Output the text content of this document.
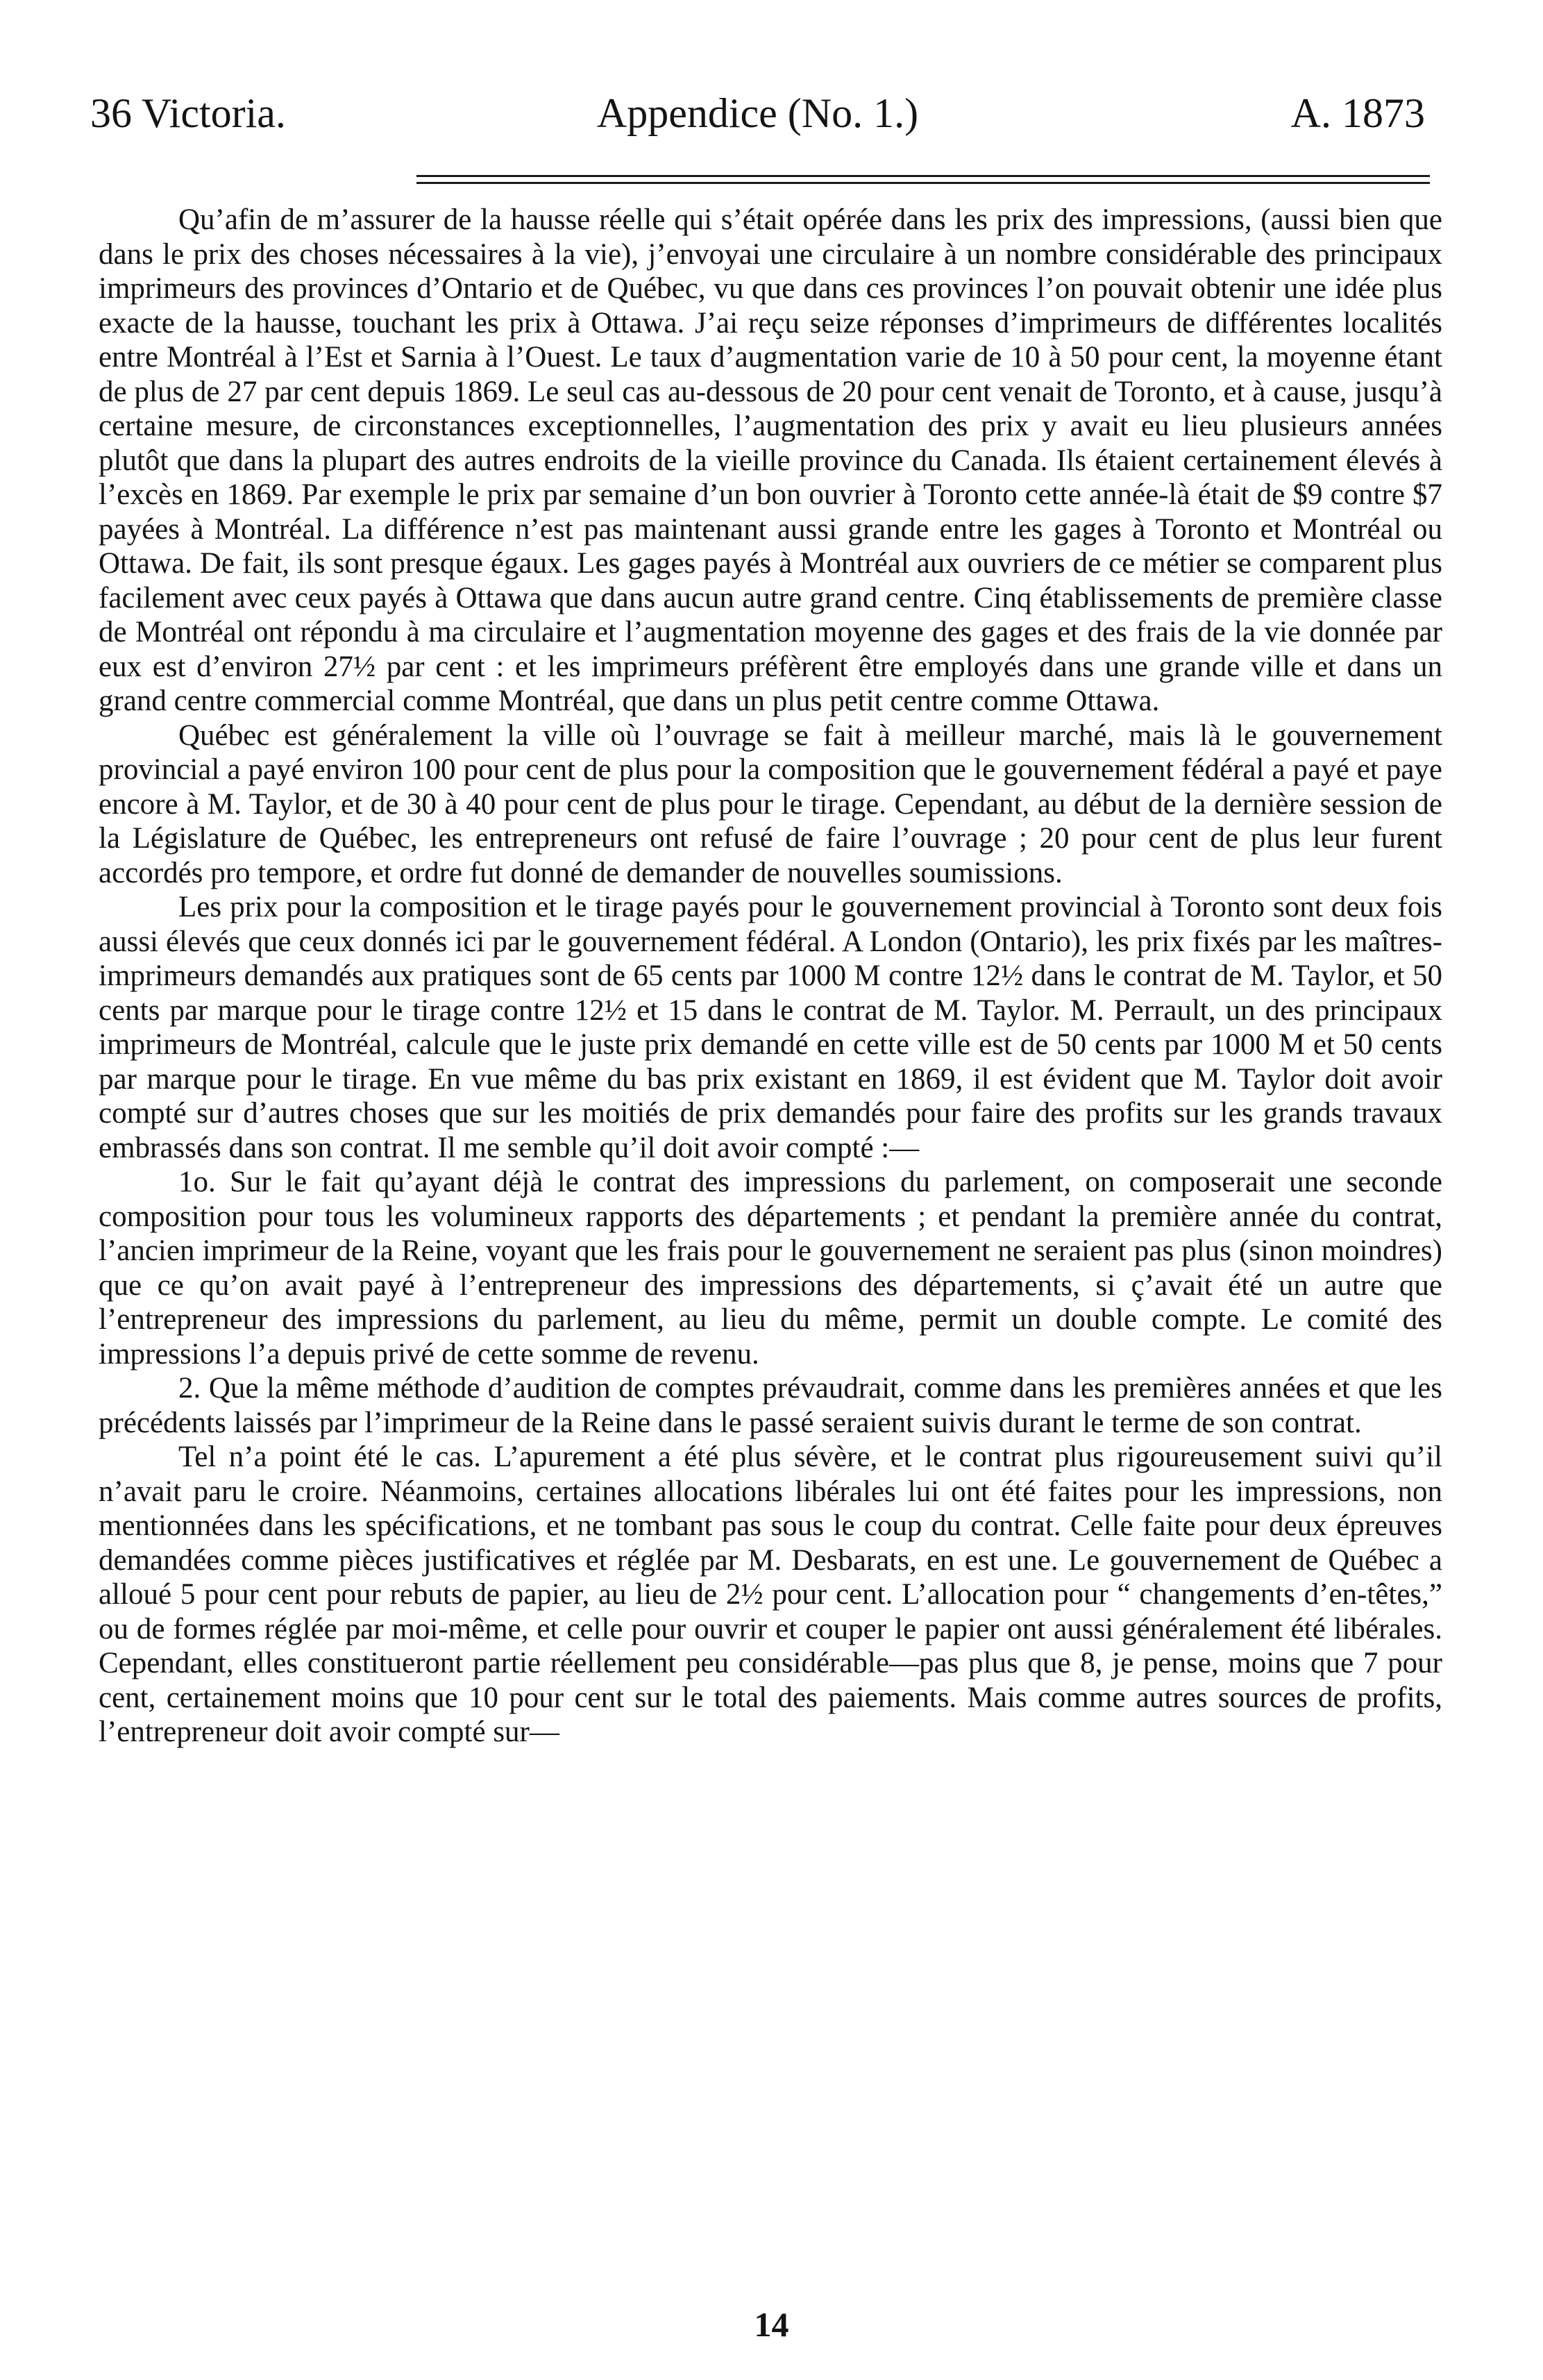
36 Victoria.	Appendice (No. 1.)	A. 1873

Qu’afin de m’assurer de la hausse réelle qui s’était opérée dans les prix des impressions, (aussi bien que dans le prix des choses nécessaires à la vie), j’envoyai une circulaire à un nombre considérable des principaux imprimeurs des provinces d’Ontario et de Québec, vu que dans ces provinces l’on pouvait obtenir une idée plus exacte de la hausse, touchant les prix à Ottawa. J’ai reçu seize réponses d’imprimeurs de différentes localités entre Montréal à l’Est et Sarnia à l’Ouest. Le taux d’augmentation varie de 10 à 50 pour cent, la moyenne étant de plus de 27 par cent depuis 1869. Le seul cas au-dessous de 20 pour cent venait de Toronto, et à cause, jusqu’à certaine mesure, de circonstances exceptionnelles, l’augmentation des prix y avait eu lieu plusieurs années plutôt que dans la plupart des autres endroits de la vieille province du Canada. Ils étaient certainement élevés à l’excès en 1869. Par exemple le prix par semaine d’un bon ouvrier à Toronto cette année-là était de $9 contre $7 payées à Montréal. La différence n’est pas maintenant aussi grande entre les gages à Toronto et Montréal ou Ottawa. De fait, ils sont presque égaux. Les gages payés à Montréal aux ouvriers de ce métier se comparent plus facilement avec ceux payés à Ottawa que dans aucun autre grand centre. Cinq établissements de première classe de Montréal ont répondu à ma circulaire et l’augmentation moyenne des gages et des frais de la vie donnée par eux est d’environ 27½ par cent : et les imprimeurs préfèrent être employés dans une grande ville et dans un grand centre commercial comme Montréal, que dans un plus petit centre comme Ottawa.

Québec est généralement la ville où l’ouvrage se fait à meilleur marché, mais là le gouvernement provincial a payé environ 100 pour cent de plus pour la composition que le gouvernement fédéral a payé et paye encore à M. Taylor, et de 30 à 40 pour cent de plus pour le tirage. Cependant, au début de la dernière session de la Législature de Québec, les entrepreneurs ont refusé de faire l’ouvrage ; 20 pour cent de plus leur furent accordés pro tempore, et ordre fut donné de demander de nouvelles soumissions.

Les prix pour la composition et le tirage payés pour le gouvernement provincial à Toronto sont deux fois aussi élevés que ceux donnés ici par le gouvernement fédéral. A London (Ontario), les prix fixés par les maîtres-imprimeurs demandés aux pratiques sont de 65 cents par 1000 M contre 12½ dans le contrat de M. Taylor, et 50 cents par marque pour le tirage contre 12½ et 15 dans le contrat de M. Taylor. M. Perrault, un des principaux imprimeurs de Montréal, calcule que le juste prix demandé en cette ville est de 50 cents par 1000 M et 50 cents par marque pour le tirage. En vue même du bas prix existant en 1869, il est évident que M. Taylor doit avoir compté sur d’autres choses que sur les moitiés de prix demandés pour faire des profits sur les grands travaux embrassés dans son contrat. Il me semble qu’il doit avoir compté :—

1o. Sur le fait qu’ayant déjà le contrat des impressions du parlement, on composerait une seconde composition pour tous les volumineux rapports des départements ; et pendant la première année du contrat, l’ancien imprimeur de la Reine, voyant que les frais pour le gouvernement ne seraient pas plus (sinon moindres) que ce qu’on avait payé à l’entrepreneur des impressions des départements, si ç’avait été un autre que l’entrepreneur des impressions du parlement, au lieu du même, permit un double compte. Le comité des impressions l’a depuis privé de cette somme de revenu.

2. Que la même méthode d’audition de comptes prévaudrait, comme dans les premières années et que les précédents laissés par l’imprimeur de la Reine dans le passé seraient suivis durant le terme de son contrat.

Tel n’a point été le cas. L’apurement a été plus sévère, et le contrat plus rigoureusement suivi qu’il n’avait paru le croire. Néanmoins, certaines allocations libérales lui ont été faites pour les impressions, non mentionnées dans les spécifications, et ne tombant pas sous le coup du contrat. Celle faite pour deux épreuves demandées comme pièces justificatives et réglée par M. Desbarats, en est une. Le gouvernement de Québec a alloué 5 pour cent pour rebuts de papier, au lieu de 2½ pour cent. L’allocation pour “ changements d’en-têtes,” ou de formes réglée par moi-même, et celle pour ouvrir et couper le papier ont aussi généralement été libérales. Cependant, elles constitueront partie réellement peu considérable—pas plus que 8, je pense, moins que 7 pour cent, certainement moins que 10 pour cent sur le total des paiements. Mais comme autres sources de profits, l’entrepreneur doit avoir compté sur—

14
